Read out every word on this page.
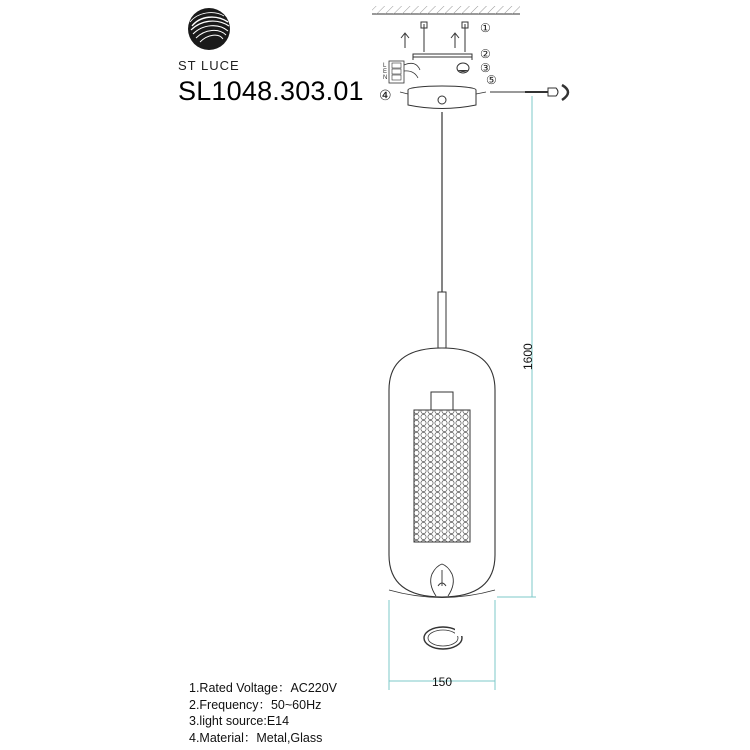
ST LUCE
SL1048.303.01
L
E
N
①
②
③
④
⑤
1600
150
1.Rated Voltage：AC220V
2.Frequency：50~60Hz
3.light source:E14
4.Material：Metal,Glass
